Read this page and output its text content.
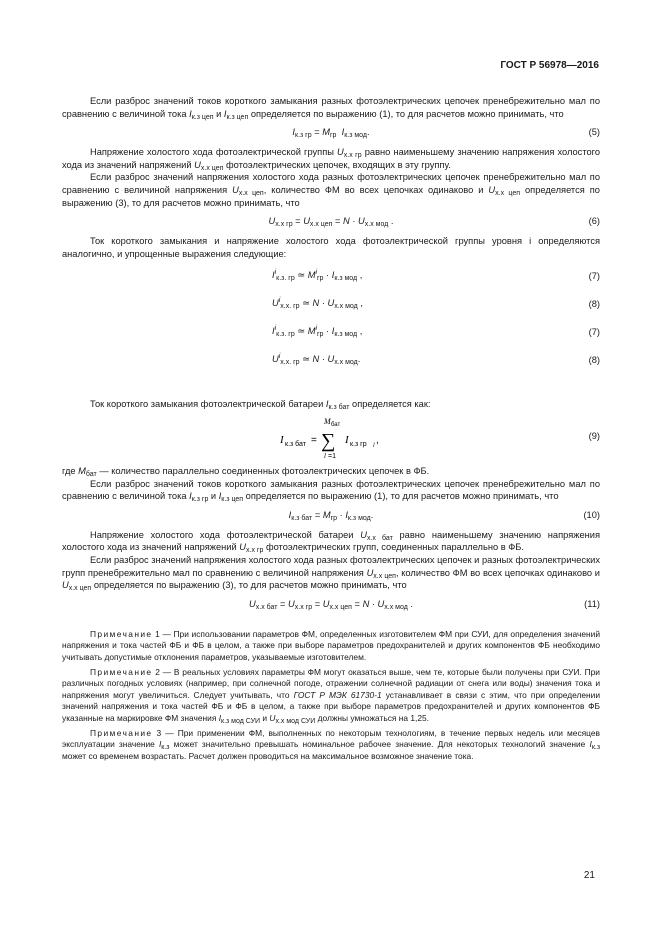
ГОСТ Р 56978—2016

Если разброс значений токов короткого замыкания разных фотоэлектрических цепочек пренебрежительно мал по сравнению с величиной тока $I_{к.з цеп}$ и $I_{к.з цеп}$ определяется по выражению (1), то для расчетов можно принимать, что

$I_{к.з гр} = M_{гр}$ $I_{к.з мод}$.	(5)

Напряжение холостого хода фотоэлектрической группы $U_{х.х гр}$ равно наименьшему значению напряжения холостого хода из значений напряжений $U_{х.х цеп}$ фотоэлектрических цепочек, входящих в эту группу.

Если разброс значений напряжения холостого хода разных фотоэлектрических цепочек пренебрежительно мал по сравнению с величиной напряжения $U_{х.х цеп}$, количество ФМ во всех цепочках одинаково и $U_{х.х цеп}$ определяется по выражению (3), то для расчетов можно принимать, что

$U_{х.х гр} = U_{х.х цеп} = N \cdot U_{х.х мод}$ .	(6)

Ток короткого замыкания и напряжение холостого хода фотоэлектрической группы уровня i определяются аналогично, и упрощенные выражения следующие:

$I^i_{к.з. гр}$ ≃ $M^i_{гр} \cdot I_{к.з мод}$ ,	(7)
$U^i_{х.х. гр}$ ≃ $N \cdot U_{х.х мод}$ ,	(8)
$I^i_{к.з. гр}$ ≃ $M^i_{гр} \cdot I_{к.з мод}$ ,	(7)
$U^i_{х.х. гр}$ ≃ $N \cdot U_{х.х мод}$.	(8)

Ток короткого замыкания фотоэлектрической батареи $I_{к.з бат}$ определяется как:

I к.з бат =
M бат
∑
l =1
I к.з гр l ,	(9)

где $M_{бат}$ — количество параллельно соединенных фотоэлектрических цепочек в ФБ.

Если разброс значений токов короткого замыкания разных фотоэлектрических цепочек пренебрежительно мал по сравнению с величиной тока $I_{к.з гр}$ и $I_{к.з цеп}$ определяется по выражению (1), то для расчетов можно принимать, что

$I_{к.з бат} = M_{гр} \cdot I_{к.з мод}$.	(10)

Напряжение холостого хода фотоэлектрической батареи $U_{х.х бат}$ равно наименьшему значению напряжения холостого хода из значений напряжений $U_{х.х гр}$ фотоэлектрических групп, соединенных параллельно в ФБ.

Если разброс значений напряжения холостого хода разных фотоэлектрических цепочек и разных фотоэлектрических групп пренебрежительно мал по сравнению с величиной напряжения $U_{х.х цеп}$, количество ФМ во всех цепочках одинаково и $U_{х.х цеп}$ определяется по выражению (3), то для расчетов можно принимать, что

$U_{х.х бат} = U_{х.х гр} = U_{х.х цеп} = N \cdot U_{х.х мод}$ .	(11)

Примечание 1 — При использовании параметров ФМ, определенных изготовителем ФМ при СУИ, для определения значений напряжения и тока частей ФБ и ФБ в целом, а также при выборе параметров предохранителей и других компонентов ФБ необходимо учитывать допустимые отклонения параметров, указываемые изготовителем.

Примечание 2 — В реальных условиях параметры ФМ могут оказаться выше, чем те, которые были получены при СУИ. При различных погодных условиях (например, при солнечной погоде, отражении солнечной радиации от снега или воды) значения тока и напряжения могут увеличиться. Следует учитывать, что ГОСТ Р МЭК 61730-1 устанавливает в связи с этим, что при определении значений напряжения и тока частей ФБ и ФБ в целом, а также при выборе параметров предохранителей и других компонентов ФБ указанные на маркировке ФМ значения $I_{к.з мод СУИ}$ и $U_{х.х мод СУИ}$ должны умножаться на 1,25.

Примечание 3 — При применении ФМ, выполненных по некоторым технологиям, в течение первых недель или месяцев эксплуатации значение $I_{к.з}$ может значительно превышать номинальное рабочее значение. Для некоторых технологий значение $I_{к.з}$ может со временем возрастать. Расчет должен проводиться на максимальное возможное значение тока.

21
